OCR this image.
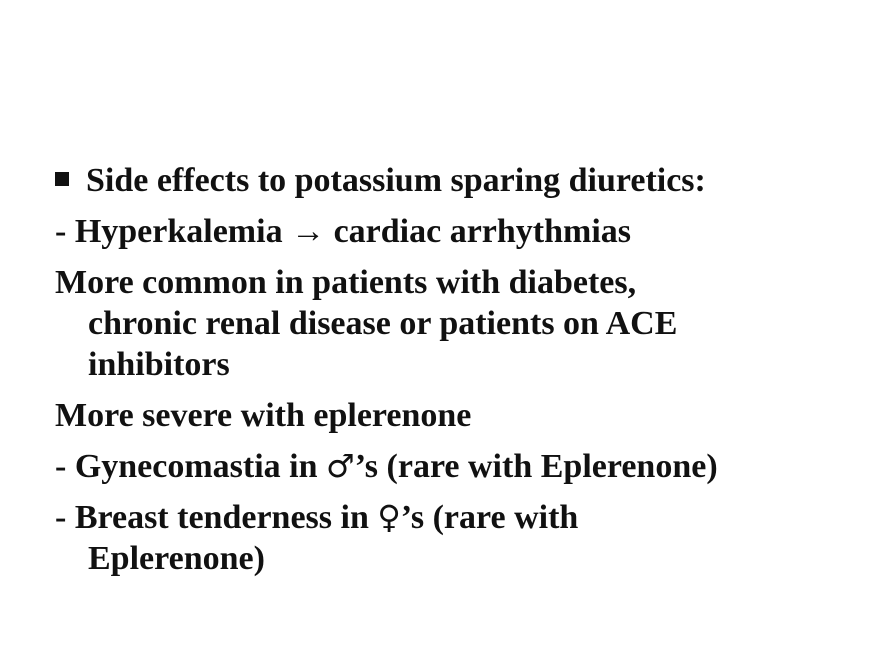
Side effects to potassium sparing diuretics:
- Hyperkalemia → cardiac arrhythmias
More common in patients with diabetes,
chronic renal disease or patients on ACE
inhibitors
More severe with eplerenone
- Gynecomastia in ♂’s (rare with Eplerenone)
- Breast tenderness in ♀’s (rare with
Eplerenone)
